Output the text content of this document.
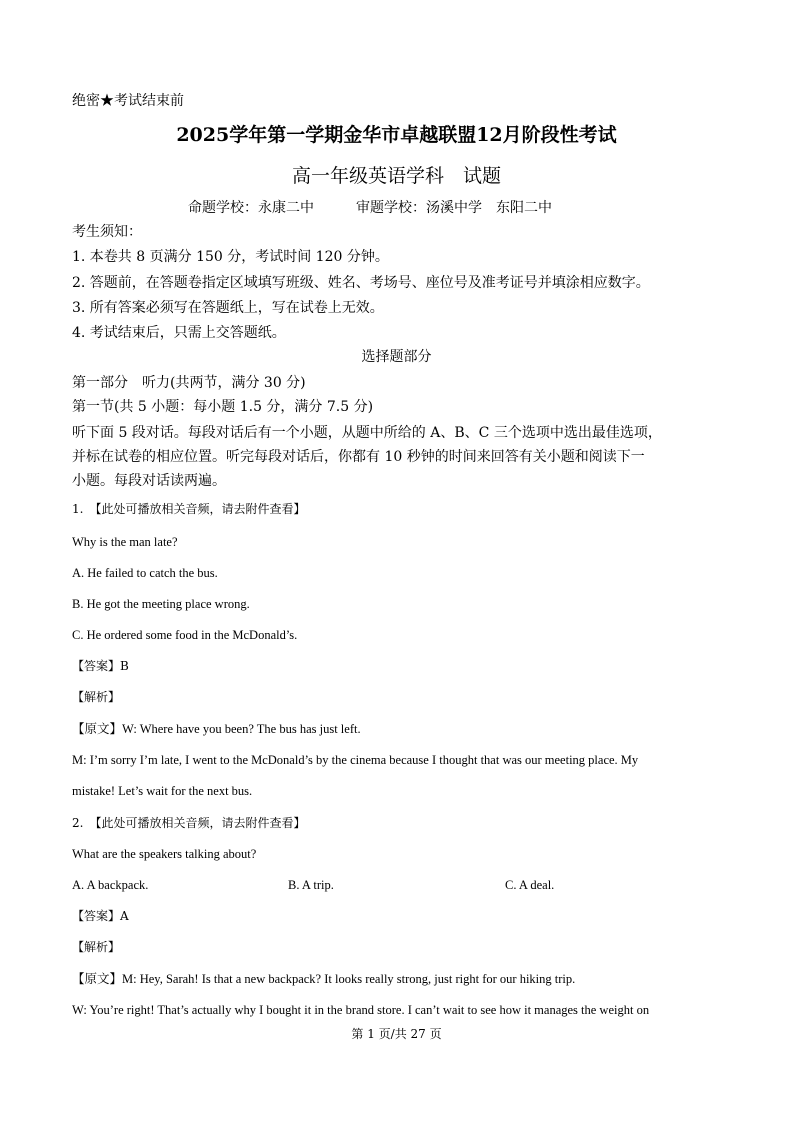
绝密★考试结束前
2025学年第一学期金华市卓越联盟12月阶段性考试
高一年级英语学科　试题
命题学校：永康二中　　　审题学校：汤溪中学　东阳二中
考生须知：
1. 本卷共 8 页满分 150 分，考试时间 120 分钟。
2. 答题前，在答题卷指定区域填写班级、姓名、考场号、座位号及准考证号并填涂相应数字。
3. 所有答案必须写在答题纸上，写在试卷上无效。
4. 考试结束后，只需上交答题纸。
选择题部分
第一部分　听力(共两节，满分 30 分)
第一节(共 5 小题：每小题 1.5 分，满分 7.5 分)
听下面 5 段对话。每段对话后有一个小题，从题中所给的 A、B、C 三个选项中选出最佳选项，
并标在试卷的相应位置。听完每段对话后，你都有 10 秒钟的时间来回答有关小题和阅读下一
小题。每段对话读两遍。
1.　【此处可播放相关音频，请去附件查看】
Why is the man late?
A. He failed to catch the bus.
B. He got the meeting place wrong.
C. He ordered some food in the McDonald’s.
【答案】B
【解析】
【原文】W: Where have you been? The bus has just left.
M: I’m sorry I’m late, I went to the McDonald’s by the cinema because I thought that was our meeting place. My
mistake! Let’s wait for the next bus.
2.　【此处可播放相关音频，请去附件查看】
What are the speakers talking about?
A. A backpack.	B. A trip.	C. A deal.
【答案】A
【解析】
【原文】M: Hey, Sarah! Is that a new backpack? It looks really strong, just right for our hiking trip.
W: You’re right! That’s actually why I bought it in the brand store. I can’t wait to see how it manages the weight on
第 1 页/共 27 页
